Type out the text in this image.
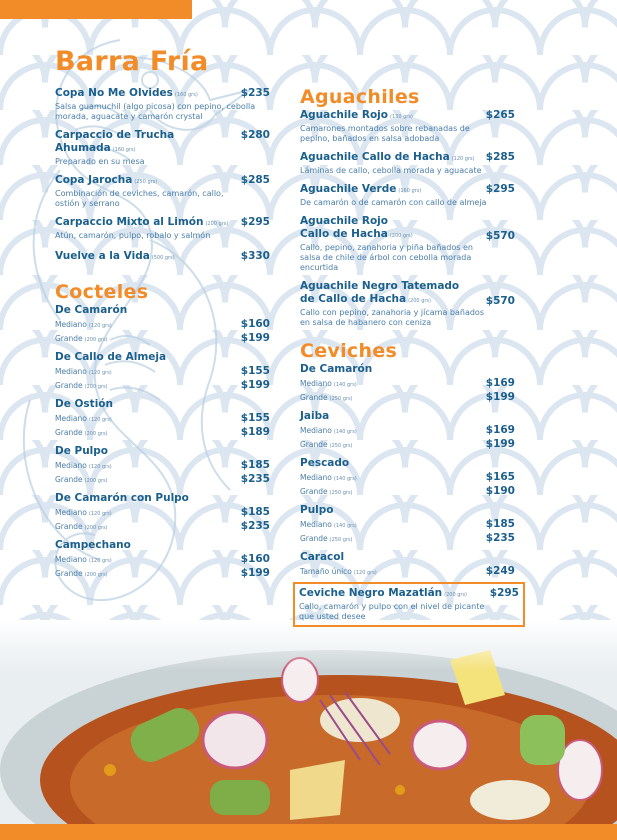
Barra Fría
Copa No Me Olvides (160 grs)	$235
Salsa guamuchil (algo picosa) con pepino, cebolla morada, aguacate y camarón crystal
Carpaccio de Trucha Ahumada (160 grs)
$280
Preparado en su mesa
Copa Jarocha (250 grs)	$285
Combinación de ceviches, camarón, callo, ostión y serrano
Carpaccio Mixto al Limón (200 grs) $295
Atún, camarón, pulpo, robalo y salmón
Vuelve a la Vida (500 grs)	$330
Cocteles
De Camarón
Mediano (120 grs)	$160
Grande (200 grs)	$199
De Callo de Almeja
Mediano (120 grs)	$155
Grande (200 grs)	$199
De Ostión
Mediano (120 grs)	$155
Grande (200 grs)	$189
De Pulpo
Mediano (120 grs)	$185
Grande (200 grs)	$235
De Camarón con Pulpo
Mediano (120 grs)	$185
Grande (200 grs)	$235
Campechano
Mediano (120 grs)	$160
Grande (200 grs)	$199
Aguachiles
Aguachile Rojo (130 grs)	$265
Camarones montados sobre rebanadas de pepino, bañados en salsa adobada
Aguachile Callo de Hacha (120 grs) $285
Láminas de callo, cebolla morada y aguacate
Aguachile Verde (160 grs)	$295
De camarón o de camarón con callo de almeja
Aguachile Rojo Callo de Hacha (200 grs)	$570
Callo, pepino, zanahoria y piña bañados en salsa de chile de árbol con cebolla morada encurtida
Aguachile Negro Tatemado de Callo de Hacha (200 grs)	$570
Callo con pepino, zanahoria y jícama bañados en salsa de habanero con ceniza
Ceviches
De Camarón
Mediano (140 grs)	$169
Grande (250 grs)	$199
Jaiba
Mediano (140 grs)	$169
Grande (250 grs)	$199
Pescado
Mediano (140 grs)	$165
Grande (250 grs)	$190
Pulpo
Mediano (140 grs)	$185
Grande (250 grs)	$235
Caracol
Tamaño único (120 grs)	$249
Ceviche Negro Mazatlán (200 grs) $295
Callo, camarón y pulpo con el nivel de picante que usted desee
